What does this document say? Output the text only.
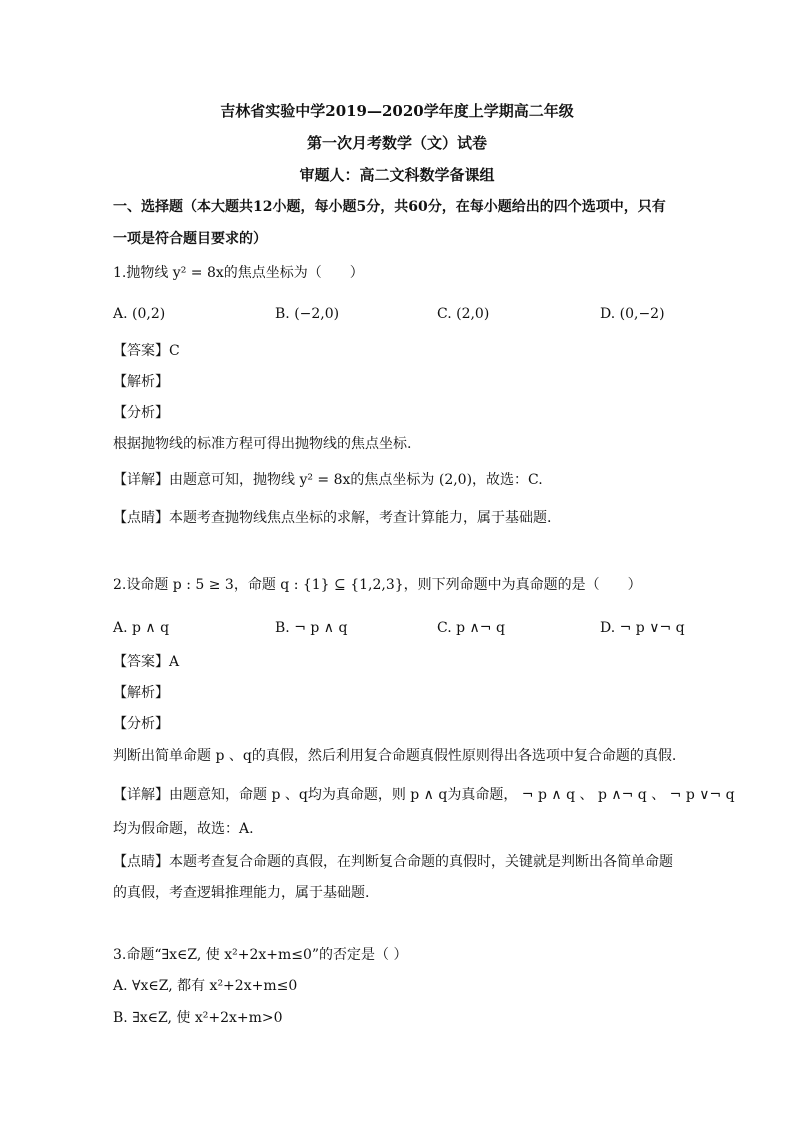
吉林省实验中学2019—2020学年度上学期高二年级
第一次月考数学（文）试卷
审题人：高二文科数学备课组
一、选择题（本大题共12小题，每小题5分，共60分，在每小题给出的四个选项中，只有
一项是符合题目要求的）
1.抛物线 y² = 8x的焦点坐标为（　　）
A. (0,2)	B. (−2,0)	C. (2,0)	D. (0,−2)
【答案】C
【解析】
【分析】
根据抛物线的标准方程可得出抛物线的焦点坐标.
【详解】由题意可知，抛物线 y² = 8x的焦点坐标为 (2,0)，故选：C.
【点睛】本题考查抛物线焦点坐标的求解，考查计算能力，属于基础题.
2.设命题 p : 5 ≥ 3，命题 q : {1} ⊆ {1,2,3}，则下列命题中为真命题的是（　　）
A. p ∧ q	B. ¬ p ∧ q	C. p ∧¬ q	D. ¬ p ∨¬ q
【答案】A
【解析】
【分析】
判断出简单命题 p 、q的真假，然后利用复合命题真假性原则得出各选项中复合命题的真假.
【详解】由题意知，命题 p 、q均为真命题，则 p ∧ q为真命题， ¬ p ∧ q 、 p ∧¬ q 、 ¬ p ∨¬ q
均为假命题，故选：A.
【点睛】本题考查复合命题的真假，在判断复合命题的真假时，关键就是判断出各简单命题
的真假，考查逻辑推理能力，属于基础题.
3.命题“∃x∈Z, 使 x²+2x+m≤0”的否定是（ ）
A. ∀x∈Z, 都有 x²+2x+m≤0
B. ∃x∈Z, 使 x²+2x+m>0
